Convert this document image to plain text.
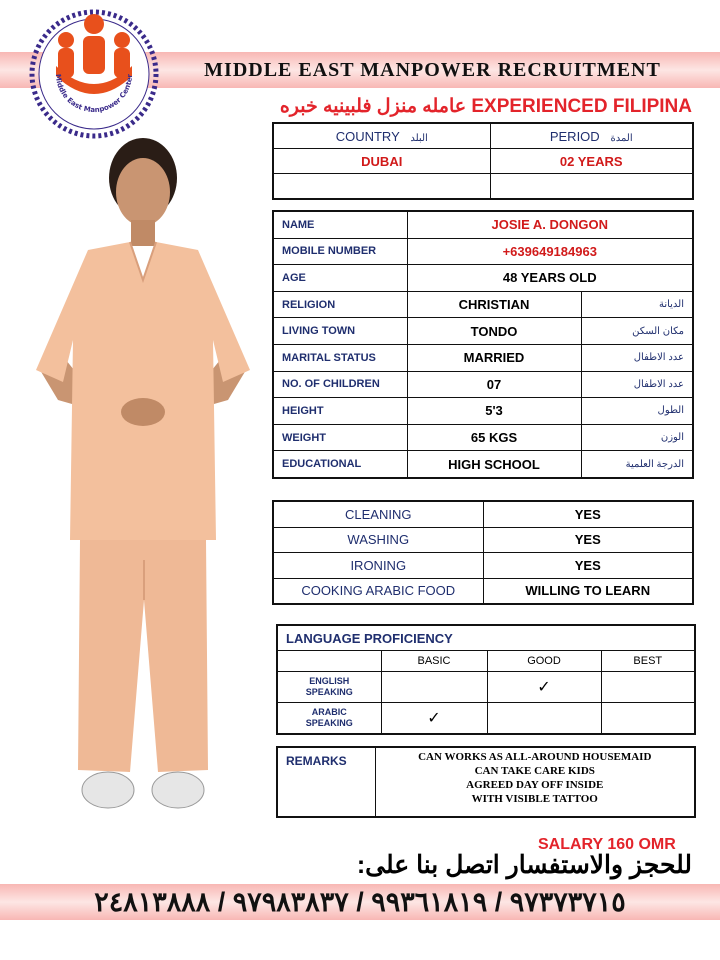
MIDDLE EAST MANPOWER RECRUITMENT
Middle East Manpower Center
عامله منزل فلبينيه خبره EXPERIENCED FILIPINA
COUNTRY البلد	PERIOD المدة
DUBAI	02 YEARS

NAME	JOSIE A. DONGON	
MOBILE NUMBER	+639649184963	
AGE	48 YEARS OLD	
RELIGION	CHRISTIAN	الديانة
LIVING TOWN	TONDO	مكان السكن
MARITAL STATUS	MARRIED	عدد الاطفال
NO. OF CHILDREN	07	عدد الاطفال
HEIGHT	5'3	الطول
WEIGHT	65 KGS	الوزن
EDUCATIONAL	HIGH SCHOOL	الدرجة العلمية
CLEANING	YES
WASHING	YES
IRONING	YES
COOKING ARABIC FOOD	WILLING TO LEARN
LANGUAGE PROFICIENCY			
	BASIC	GOOD	BEST

ENGLISH
SPEAKING		✓	

ARABIC
SPEAKING	✓		
REMARKS	CAN WORKS AS ALL-AROUND HOUSEMAID
CAN TAKE CARE KIDS
AGREED DAY OFF INSIDE
WITH VISIBLE TATTOO
SALARY 160 OMR
للحجز والاستفسار اتصل بنا على:
٩٧٣٧٣٧١٥ / ٩٩٣٦١٨١٩ / ٩٧٩٨٣٨٣٧ / ٢٤٨١٣٨٨٨
